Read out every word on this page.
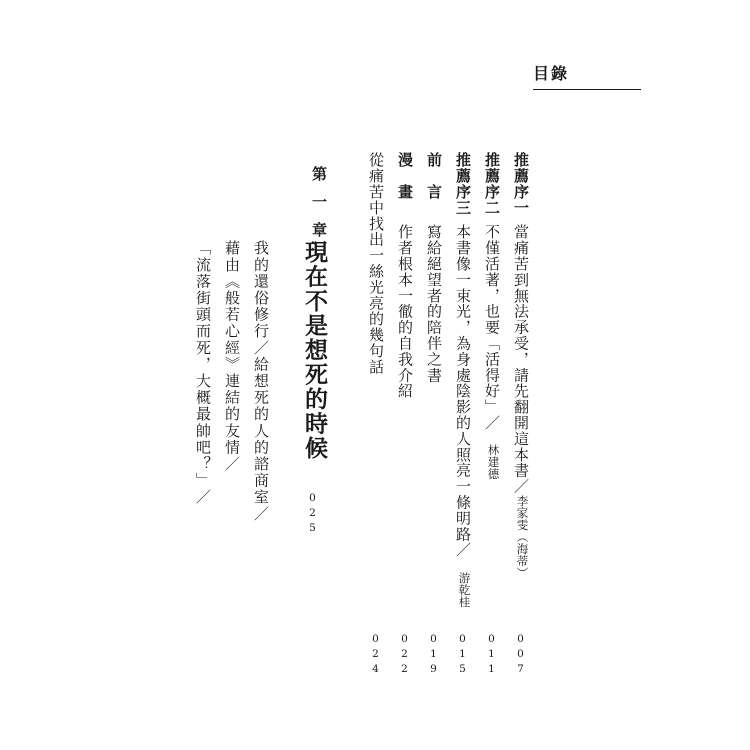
目錄
推薦序一
當痛苦到無法承受，請先翻開這本書／
李家雯（海蒂）
007
推薦序二
不僅活著，也要「活得好」／
林建德
011
推薦序三
本書像一束光，為身處陰影的人照亮一條明路／
游乾桂
015
前　言
寫給絕望者的陪伴之書
019
漫　畫
作者根本一徹的自我介紹
022
從痛苦中找出一絲光亮的幾句話
024
第一章
現在不是想死的時候
025
我的還俗修行／給想死的人的諮商室／
藉由《般若心經》連結的友情／
「流落街頭而死，大概最帥吧？」／
